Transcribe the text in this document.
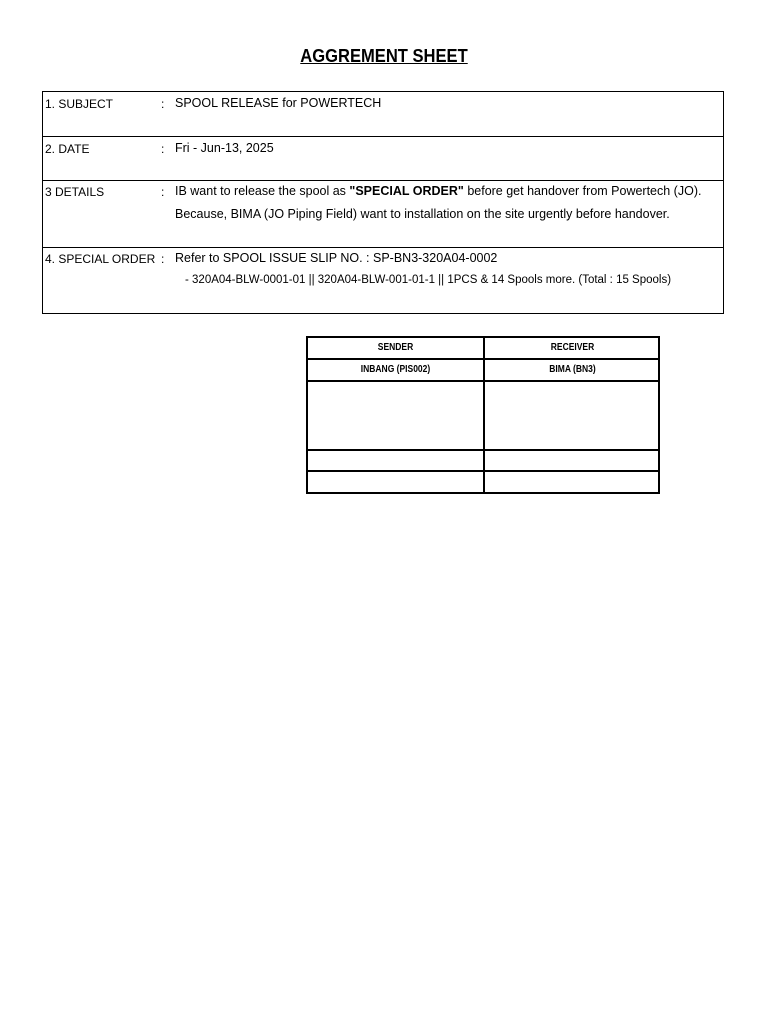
AGGREMENT SHEET
1. SUBJECT	: SPOOL RELEASE for POWERTECH
2. DATE	: Fri - Jun-13, 2025
3 DETAILS	: IB want to release the spool as "SPECIAL ORDER" before get handover from Powertech (JO).
Because, BIMA (JO Piping Field) want to installation on the site urgently before handover.
4. SPECIAL ORDER : Refer to SPOOL ISSUE SLIP NO. : SP-BN3-320A04-0002
- 320A04-BLW-0001-01 || 320A04-BLW-001-01-1 || 1PCS & 14 Spools more. (Total : 15 Spools)
SENDER	RECEIVER
INBANG (PIS002)	BIMA (BN3)
